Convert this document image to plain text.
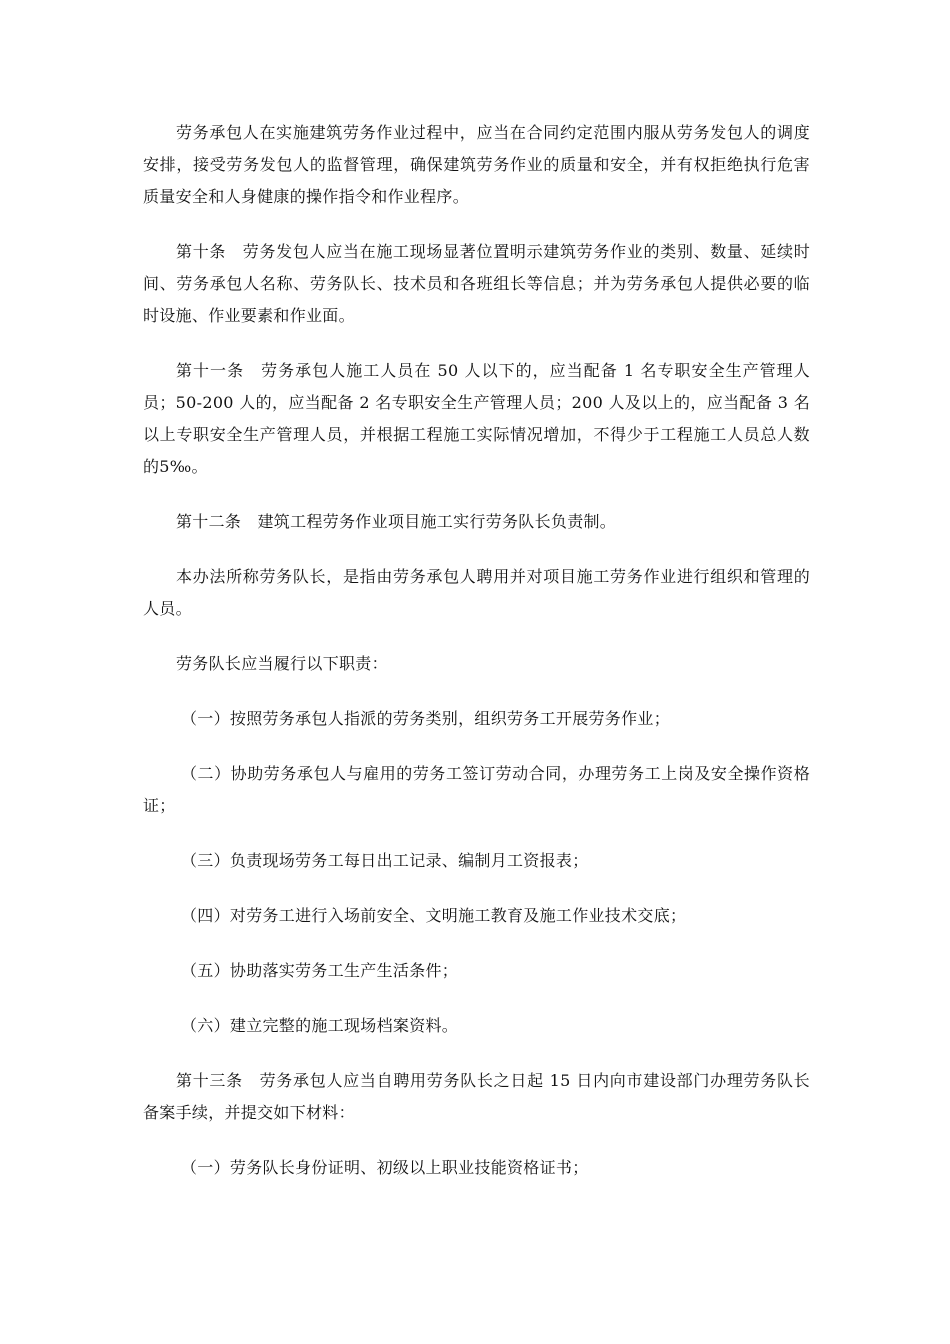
劳务承包人在实施建筑劳务作业过程中，应当在合同约定范围内服从劳务发包人的调度安排，接受劳务发包人的监督管理，确保建筑劳务作业的质量和安全，并有权拒绝执行危害质量安全和人身健康的操作指令和作业程序。

第十条　劳务发包人应当在施工现场显著位置明示建筑劳务作业的类别、数量、延续时间、劳务承包人名称、劳务队长、技术员和各班组长等信息；并为劳务承包人提供必要的临时设施、作业要素和作业面。

第十一条　劳务承包人施工人员在 50 人以下的，应当配备 1 名专职安全生产管理人员；50-200 人的，应当配备 2 名专职安全生产管理人员；200 人及以上的，应当配备 3 名以上专职安全生产管理人员，并根据工程施工实际情况增加，不得少于工程施工人员总人数的5‰。

第十二条　建筑工程劳务作业项目施工实行劳务队长负责制。

本办法所称劳务队长，是指由劳务承包人聘用并对项目施工劳务作业进行组织和管理的人员。

劳务队长应当履行以下职责：

（一）按照劳务承包人指派的劳务类别，组织劳务工开展劳务作业；

（二）协助劳务承包人与雇用的劳务工签订劳动合同，办理劳务工上岗及安全操作资格证；

（三）负责现场劳务工每日出工记录、编制月工资报表；

（四）对劳务工进行入场前安全、文明施工教育及施工作业技术交底；

（五）协助落实劳务工生产生活条件；

（六）建立完整的施工现场档案资料。

第十三条　劳务承包人应当自聘用劳务队长之日起 15 日内向市建设部门办理劳务队长备案手续，并提交如下材料：

（一）劳务队长身份证明、初级以上职业技能资格证书；
